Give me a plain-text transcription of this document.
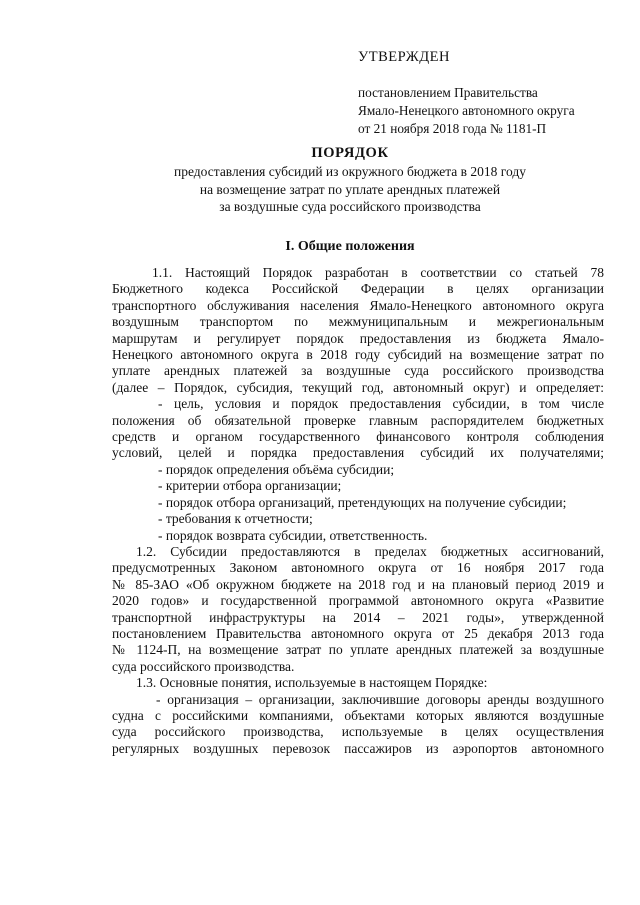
УТВЕРЖДЕН
постановлением Правительства
Ямало-Ненецкого автономного округа
от 21 ноября 2018 года № 1181-П
ПОРЯДОК
предоставления субсидий из окружного бюджета в 2018 году
на возмещение затрат по уплате арендных платежей
за воздушные суда российского производства
I. Общие положения
1.1. Настоящий Порядок разработан в соответствии со статьей 78
Бюджетного кодекса Российской Федерации в целях организации
транспортного обслуживания населения Ямало-Ненецкого автономного округа
воздушным транспортом по межмуниципальным и межрегиональным
маршрутам и регулирует порядок предоставления из бюджета Ямало-
Ненецкого автономного округа в 2018 году субсидий на возмещение затрат по
уплате арендных платежей за воздушные суда российского производства
(далее – Порядок, субсидия, текущий год, автономный округ) и определяет:
- цель, условия и порядок предоставления субсидии, в том числе
положения об обязательной проверке главным распорядителем бюджетных
средств и органом государственного финансового контроля соблюдения
условий, целей и порядка предоставления субсидий их получателями;
- порядок определения объёма субсидии;
- критерии отбора организации;
- порядок отбора организаций, претендующих на получение субсидии;
- требования к отчетности;
- порядок возврата субсидии, ответственность.
1.2. Субсидии предоставляются в пределах бюджетных ассигнований,
предусмотренных Законом автономного округа от 16 ноября 2017 года
№ 85-ЗАО «Об окружном бюджете на 2018 год и на плановый период 2019 и
2020 годов» и государственной программой автономного округа «Развитие
транспортной инфраструктуры на 2014 – 2021 годы», утвержденной
постановлением Правительства автономного округа от 25 декабря 2013 года
№ 1124-П, на возмещение затрат по уплате арендных платежей за воздушные
суда российского производства.
1.3. Основные понятия, используемые в настоящем Порядке:
- организация – организации, заключившие договоры аренды воздушного
судна с российскими компаниями, объектами которых являются воздушные
суда российского производства, используемые в целях осуществления
регулярных воздушных перевозок пассажиров из аэропортов автономного
